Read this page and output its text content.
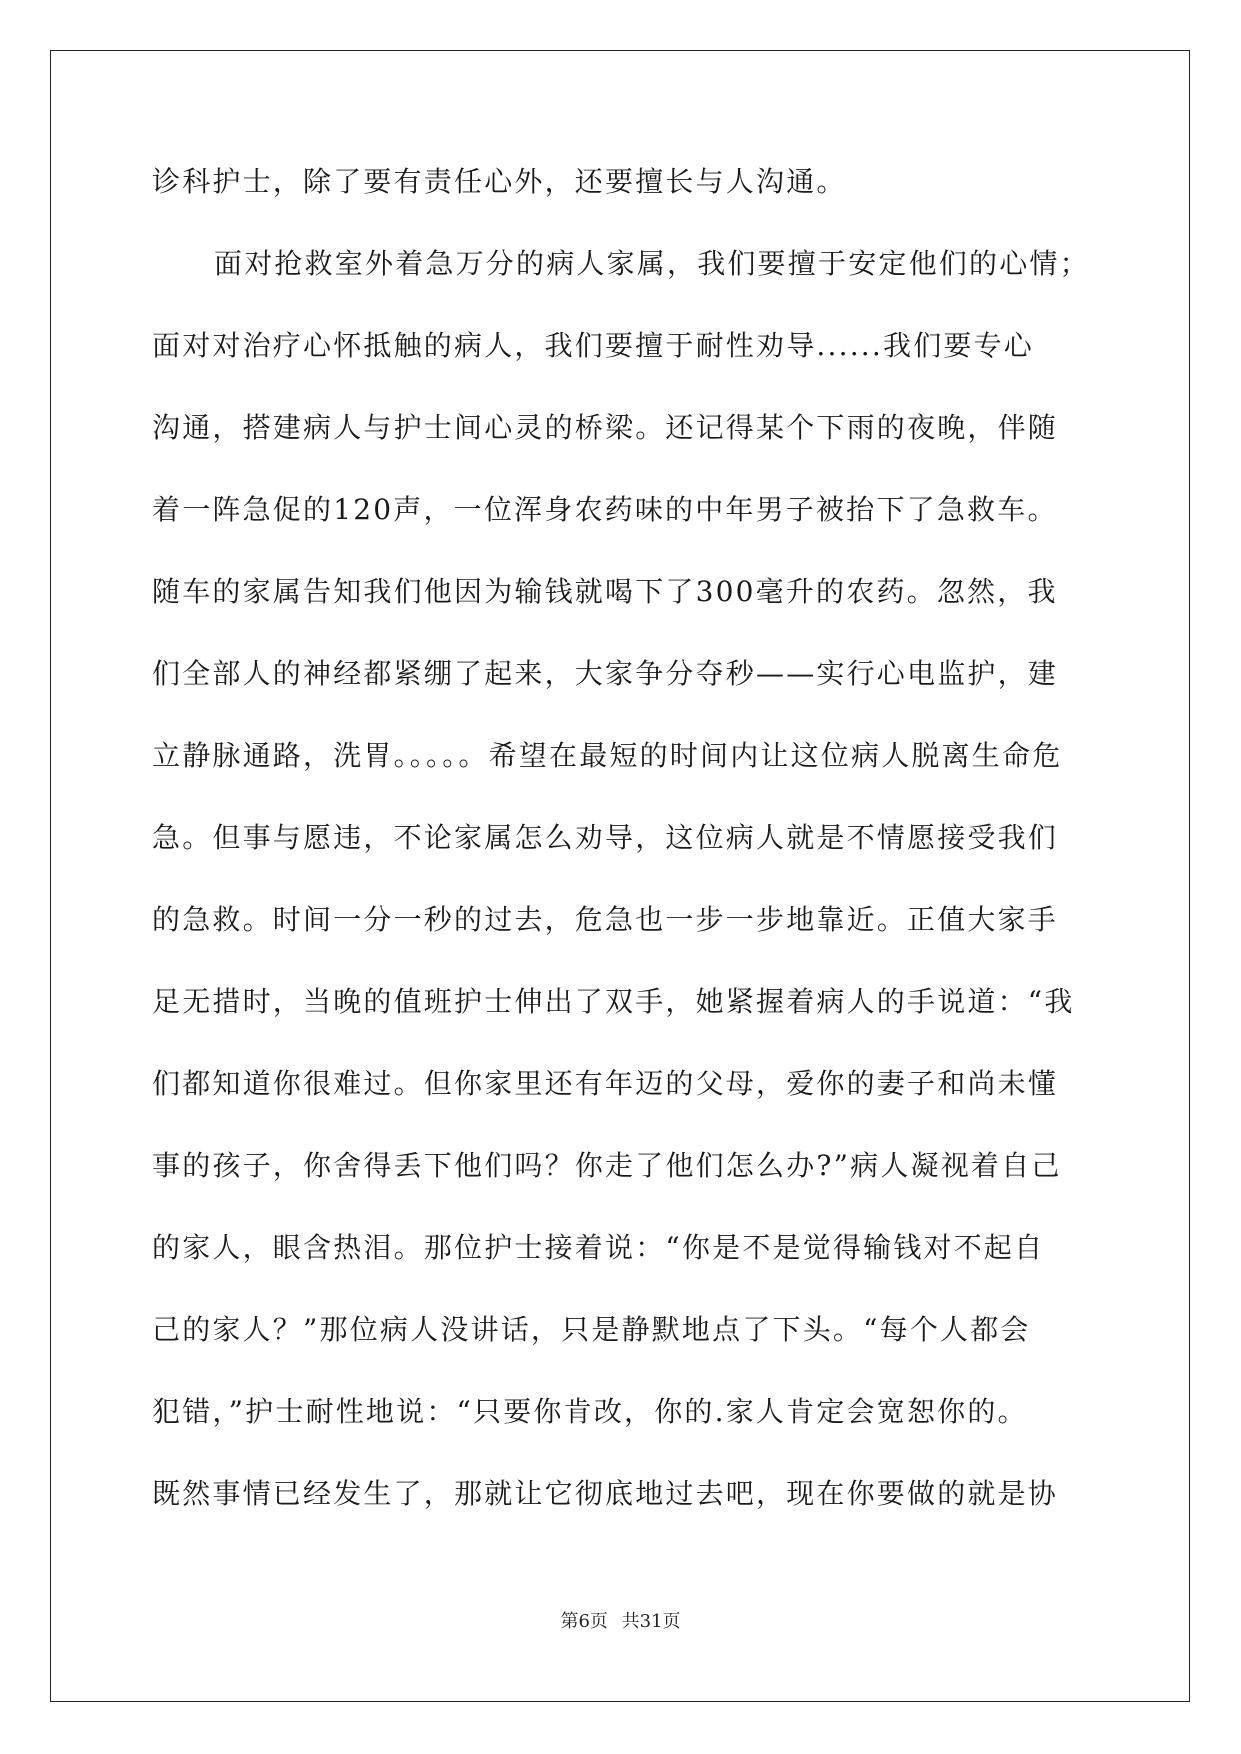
诊科护士，除了要有责任心外，还要擅长与人沟通。
面对抢救室外着急万分的病人家属，我们要擅于安定他们的心情；
面对对治疗心怀抵触的病人，我们要擅于耐性劝导......我们要专心
沟通，搭建病人与护士间心灵的桥梁。还记得某个下雨的夜晚，伴随
着一阵急促的120声，一位浑身农药味的中年男子被抬下了急救车。
随车的家属告知我们他因为输钱就喝下了300毫升的农药。忽然，我
们全部人的神经都紧绷了起来，大家争分夺秒——实行心电监护，建
立静脉通路，洗胃。。。。。希望在最短的时间内让这位病人脱离生命危
急。但事与愿违，不论家属怎么劝导，这位病人就是不情愿接受我们
的急救。时间一分一秒的过去，危急也一步一步地靠近。正值大家手
足无措时，当晚的值班护士伸出了双手，她紧握着病人的手说道：“我
们都知道你很难过。但你家里还有年迈的父母，爱你的妻子和尚未懂
事的孩子，你舍得丢下他们吗？你走了他们怎么办?”病人凝视着自己
的家人，眼含热泪。那位护士接着说：“你是不是觉得输钱对不起自
己的家人？”那位病人没讲话，只是静默地点了下头。“每个人都会
犯错，”护士耐性地说：“只要你肯改，你的.家人肯定会宽恕你的。
既然事情已经发生了，那就让它彻底地过去吧，现在你要做的就是协
第6页 共31页
